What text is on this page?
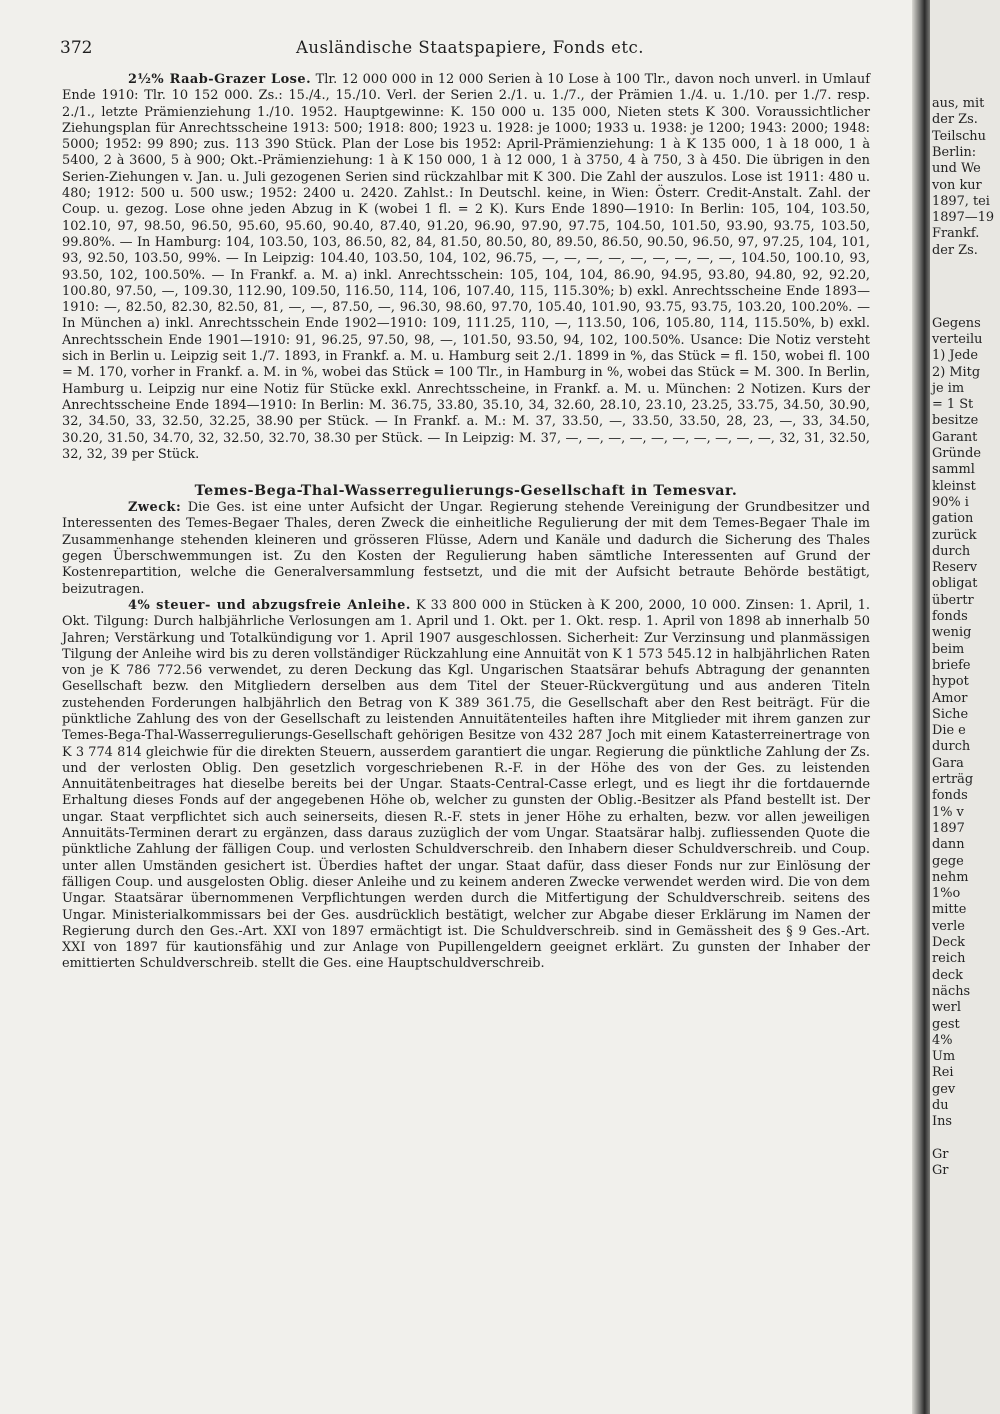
372	Ausländische Staatspapiere, Fonds etc.

2½% Raab-Grazer Lose. Tlr. 12 000 000 in 12 000 Serien à 10 Lose à 100 Tlr., davon noch unverl. in Umlauf Ende 1910: Tlr. 10 152 000. Zs.: 15./4., 15./10. Verl. der Serien 2./1. u. 1./7., der Prämien 1./4. u. 1./10. per 1./7. resp. 2./1., letzte Prämienziehung 1./10. 1952. Hauptgewinne: K. 150 000 u. 135 000, Nieten stets K 300. Voraussichtlicher Ziehungsplan für Anrechtsscheine 1913: 500; 1918: 800; 1923 u. 1928: je 1000; 1933 u. 1938: je 1200; 1943: 2000; 1948: 5000; 1952: 99 890; zus. 113 390 Stück. Plan der Lose bis 1952: April-Prämienziehung: 1 à K 135 000, 1 à 18 000, 1 à 5400, 2 à 3600, 5 à 900; Okt.-Prämienziehung: 1 à K 150 000, 1 à 12 000, 1 à 3750, 4 à 750, 3 à 450. Die übrigen in den Serien-Ziehungen v. Jan. u. Juli gezogenen Serien sind rückzahlbar mit K 300. Die Zahl der auszulos. Lose ist 1911: 480 u. 480; 1912: 500 u. 500 usw.; 1952: 2400 u. 2420. Zahlst.: In Deutschl. keine, in Wien: Österr. Credit-Anstalt. Zahl. der Coup. u. gezog. Lose ohne jeden Abzug in K (wobei 1 fl. = 2 K). Kurs Ende 1890—1910: In Berlin: 105, 104, 103.50, 102.10, 97, 98.50, 96.50, 95.60, 95.60, 90.40, 87.40, 91.20, 96.90, 97.90, 97.75, 104.50, 101.50, 93.90, 93.75, 103.50, 99.80%. — In Hamburg: 104, 103.50, 103, 86.50, 82, 84, 81.50, 80.50, 80, 89.50, 86.50, 90.50, 96.50, 97, 97.25, 104, 101, 93, 92.50, 103.50, 99%. — In Leipzig: 104.40, 103.50, 104, 102, 96.75, —, —, —, —, —, —, —, —, —, 104.50, 100.10, 93, 93.50, 102, 100.50%. — In Frankf. a. M. a) inkl. Anrechtsschein: 105, 104, 104, 86.90, 94.95, 93.80, 94.80, 92, 92.20, 100.80, 97.50, —, 109.30, 112.90, 109.50, 116.50, 114, 106, 107.40, 115, 115.30%; b) exkl. Anrechtsscheine Ende 1893—1910: —, 82.50, 82.30, 82.50, 81, —, —, 87.50, —, 96.30, 98.60, 97.70, 105.40, 101.90, 93.75, 93.75, 103.20, 100.20%. — In München a) inkl. Anrechtsschein Ende 1902—1910: 109, 111.25, 110, —, 113.50, 106, 105.80, 114, 115.50%, b) exkl. Anrechtsschein Ende 1901—1910: 91, 96.25, 97.50, 98, —, 101.50, 93.50, 94, 102, 100.50%. Usance: Die Notiz versteht sich in Berlin u. Leipzig seit 1./7. 1893, in Frankf. a. M. u. Hamburg seit 2./1. 1899 in %, das Stück = fl. 150, wobei fl. 100 = M. 170, vorher in Frankf. a. M. in %, wobei das Stück = 100 Tlr., in Hamburg in %, wobei das Stück = M. 300. In Berlin, Hamburg u. Leipzig nur eine Notiz für Stücke exkl. Anrechtsscheine, in Frankf. a. M. u. München: 2 Notizen. Kurs der Anrechtsscheine Ende 1894—1910: In Berlin: M. 36.75, 33.80, 35.10, 34, 32.60, 28.10, 23.10, 23.25, 33.75, 34.50, 30.90, 32, 34.50, 33, 32.50, 32.25, 38.90 per Stück. — In Frankf. a. M.: M. 37, 33.50, —, 33.50, 33.50, 28, 23, —, 33, 34.50, 30.20, 31.50, 34.70, 32, 32.50, 32.70, 38.30 per Stück. — In Leipzig: M. 37, —, —, —, —, —, —, —, —, —, —, 32, 31, 32.50, 32, 32, 39 per Stück.

Temes-Bega-Thal-Wasserregulierungs-Gesellschaft in Temesvar.

Zweck: Die Ges. ist eine unter Aufsicht der Ungar. Regierung stehende Vereinigung der Grundbesitzer und Interessenten des Temes-Begaer Thales, deren Zweck die einheitliche Regulierung der mit dem Temes-Begaer Thale im Zusammenhange stehenden kleineren und grösseren Flüsse, Adern und Kanäle und dadurch die Sicherung des Thales gegen Überschwemmungen ist. Zu den Kosten der Regulierung haben sämtliche Interessenten auf Grund der Kostenrepartition, welche die Generalversammlung festsetzt, und die mit der Aufsicht betraute Behörde bestätigt, beizutragen.

4% steuer- und abzugsfreie Anleihe. K 33 800 000 in Stücken à K 200, 2000, 10 000. Zinsen: 1. April, 1. Okt. Tilgung: Durch halbjährliche Verlosungen am 1. April und 1. Okt. per 1. Okt. resp. 1. April von 1898 ab innerhalb 50 Jahren; Verstärkung und Totalkündigung vor 1. April 1907 ausgeschlossen. Sicherheit: Zur Verzinsung und planmässigen Tilgung der Anleihe wird bis zu deren vollständiger Rückzahlung eine Annuität von K 1 573 545.12 in halbjährlichen Raten von je K 786 772.56 verwendet, zu deren Deckung das Kgl. Ungarischen Staatsärar behufs Abtragung der genannten Gesellschaft bezw. den Mitgliedern derselben aus dem Titel der Steuer-Rückvergütung und aus anderen Titeln zustehenden Forderungen halbjährlich den Betrag von K 389 361.75, die Gesellschaft aber den Rest beiträgt. Für die pünktliche Zahlung des von der Gesellschaft zu leistenden Annuitätenteiles haften ihre Mitglieder mit ihrem ganzen zur Temes-Bega-Thal-Wasserregulierungs-Gesellschaft gehörigen Besitze von 432 287 Joch mit einem Katasterreinertrage von K 3 774 814 gleichwie für die direkten Steuern, ausserdem garantiert die ungar. Regierung die pünktliche Zahlung der Zs. und der verlosten Oblig. Den gesetzlich vorgeschriebenen R.-F. in der Höhe des von der Ges. zu leistenden Annuitätenbeitrages hat dieselbe bereits bei der Ungar. Staats-Central-Casse erlegt, und es liegt ihr die fortdauernde Erhaltung dieses Fonds auf der angegebenen Höhe ob, welcher zu gunsten der Oblig.-Besitzer als Pfand bestellt ist. Der ungar. Staat verpflichtet sich auch seinerseits, diesen R.-F. stets in jener Höhe zu erhalten, bezw. vor allen jeweiligen Annuitäts-Terminen derart zu ergänzen, dass daraus zuzüglich der vom Ungar. Staatsärar halbj. zufliessenden Quote die pünktliche Zahlung der fälligen Coup. und verlosten Schuldverschreib. den Inhabern dieser Schuldverschreib. und Coup. unter allen Umständen gesichert ist. Überdies haftet der ungar. Staat dafür, dass dieser Fonds nur zur Einlösung der fälligen Coup. und ausgelosten Oblig. dieser Anleihe und zu keinem anderen Zwecke verwendet werden wird. Die von dem Ungar. Staatsärar übernommenen Verpflichtungen werden durch die Mitfertigung der Schuldverschreib. seitens des Ungar. Ministerialkommissars bei der Ges. ausdrücklich bestätigt, welcher zur Abgabe dieser Erklärung im Namen der Regierung durch den Ges.-Art. XXI von 1897 ermächtigt ist. Die Schuldverschreib. sind in Gemässheit des § 9 Ges.-Art. XXI von 1897 für kautionsfähig und zur Anlage von Pupillengeldern geeignet erklärt. Zu gunsten der Inhaber der emittierten Schuldverschreib. stellt die Ges. eine Hauptschuldverschreib.

aus, mit
der Zs.
Teilschu
Berlin:
und We
von kur
1897, tei
1897—19
Frankf.
der Zs.
Gegens
verteilu
1) Jede
2) Mitg
je im
= 1 St
besitze
Garant
Gründe
samml
kleinst
90% i
gation
zurück
durch
Reserv
obligat
übertr
fonds
wenig
beim
briefe
hypot
Amor
Siche
Die e
durch
Gara
erträg
fonds
1% v
1897
dann
gege
nehm
1%o
mitte
verle
Deck
reich
deck
nächs
werl
gest
4%
Um
Rei
gev
du
Ins
Gr
Gr
